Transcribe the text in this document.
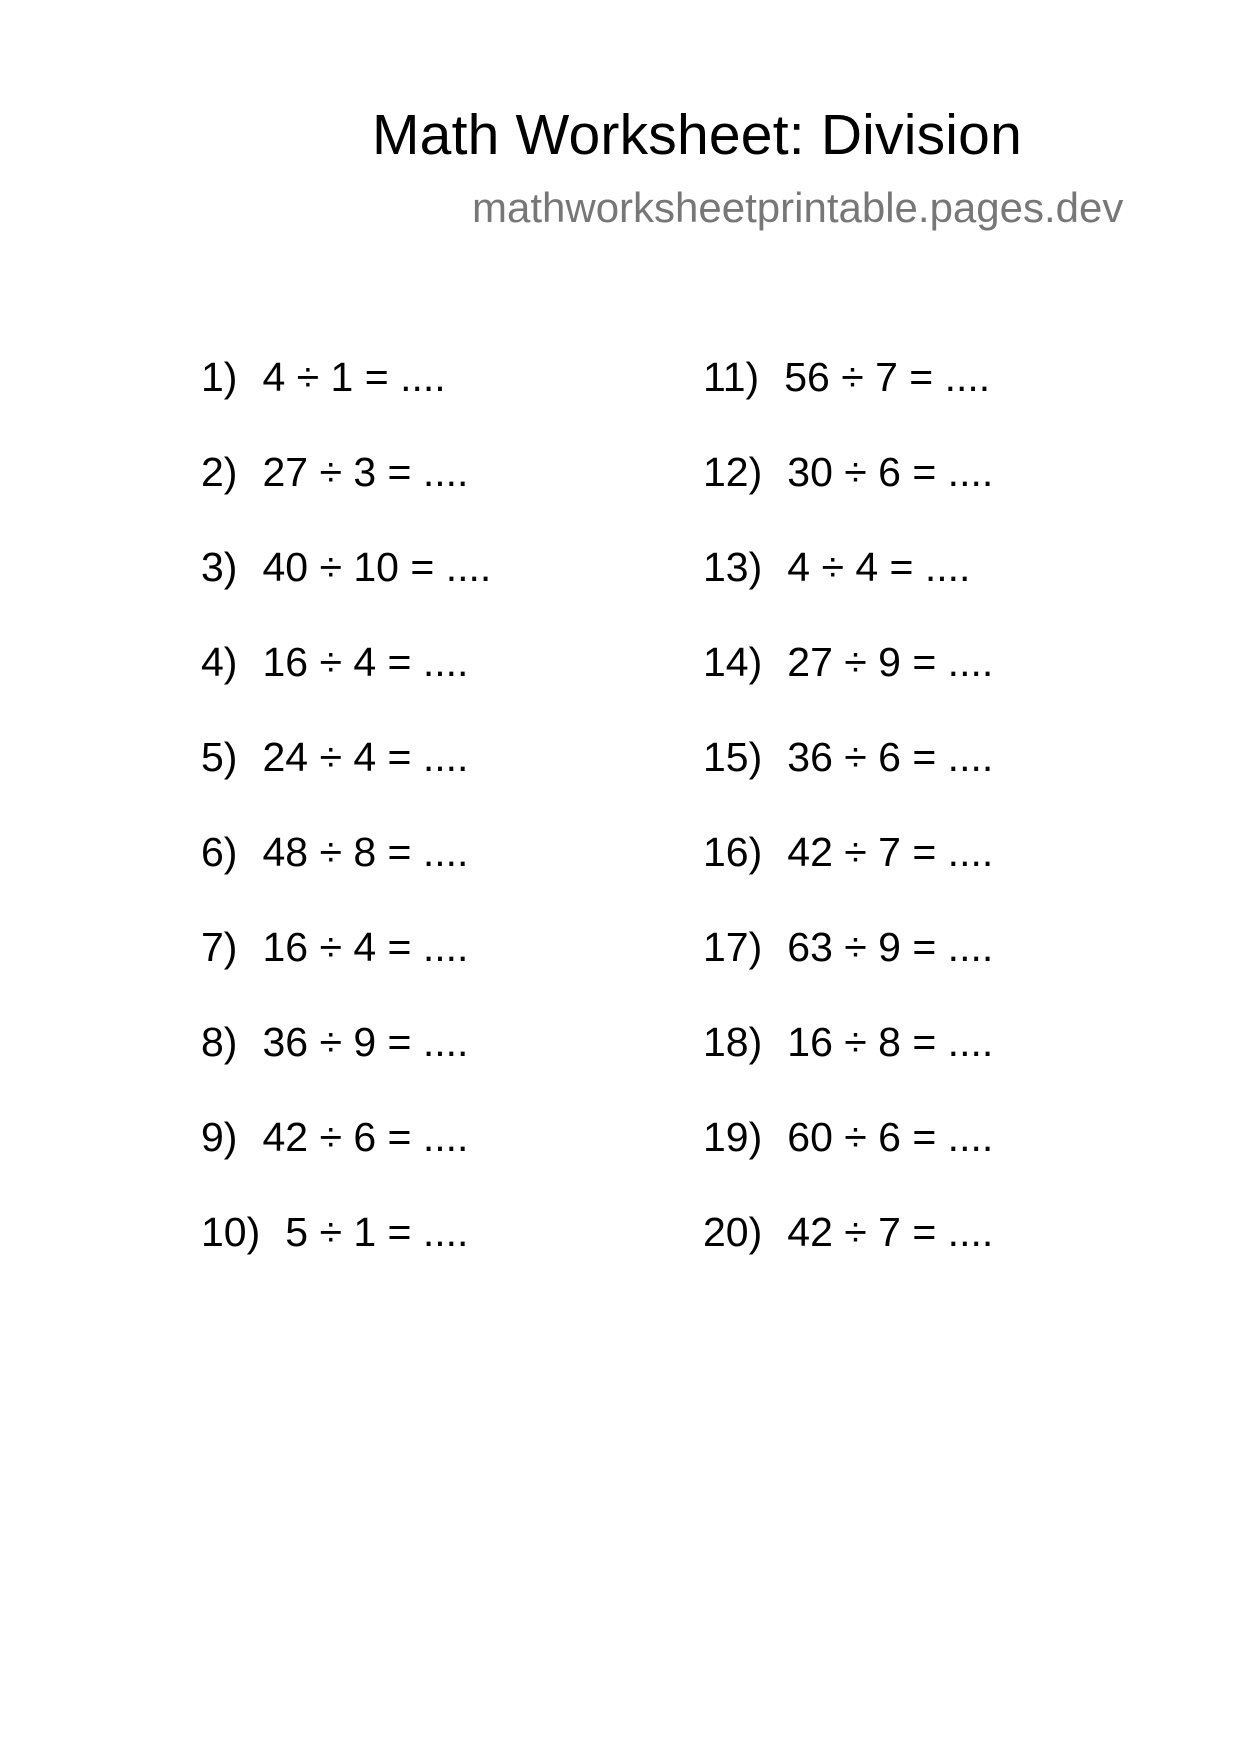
Math Worksheet: Division
mathworksheetprintable.pages.dev
1) 4 ÷ 1 = ....
2) 27 ÷ 3 = ....
3) 40 ÷ 10 = ....
4) 16 ÷ 4 = ....
5) 24 ÷ 4 = ....
6) 48 ÷ 8 = ....
7) 16 ÷ 4 = ....
8) 36 ÷ 9 = ....
9) 42 ÷ 6 = ....
10) 5 ÷ 1 = ....
11) 56 ÷ 7 = ....
12) 30 ÷ 6 = ....
13) 4 ÷ 4 = ....
14) 27 ÷ 9 = ....
15) 36 ÷ 6 = ....
16) 42 ÷ 7 = ....
17) 63 ÷ 9 = ....
18) 16 ÷ 8 = ....
19) 60 ÷ 6 = ....
20) 42 ÷ 7 = ....
